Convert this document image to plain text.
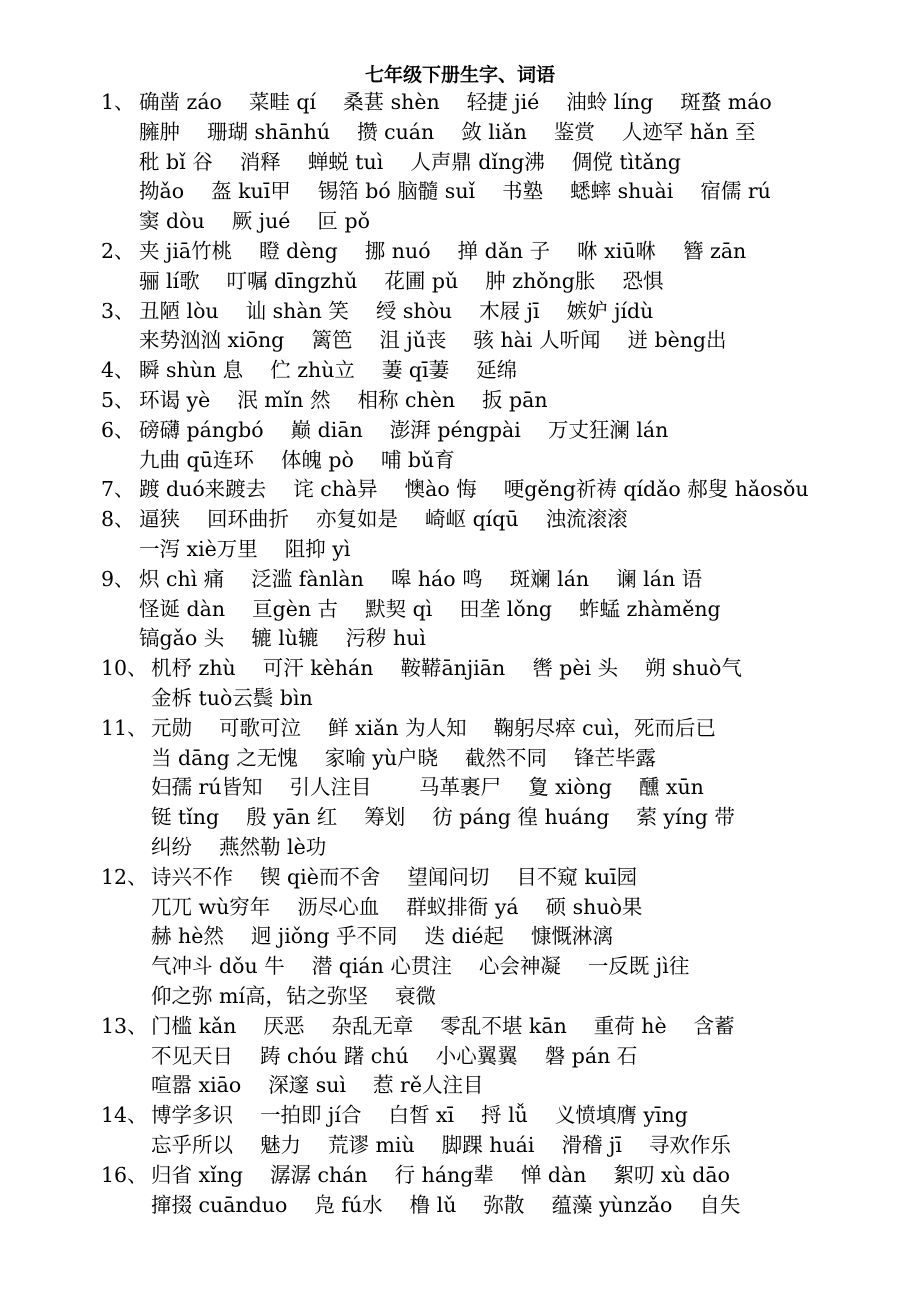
七年级下册生字、词语
1、 确凿 záo　 菜畦 qí　 桑葚 shèn　 轻捷 jié　 油蛉 líng　 斑蝥 máo
臃肿　 珊瑚 shānhú　 攒 cuán　 敛 liǎn　 鉴赏　 人迹罕 hǎn 至
秕 bǐ 谷　 消释　 蝉蜕 tuì　 人声鼎 dǐng沸　 倜傥 tìtǎng
拗ǎo　 盔 kuī甲　 锡箔 bó 脑髓 suǐ　 书塾　 蟋蟀 shuài　 宿儒 rú
窦 dòu　 厥 jué　 叵 pǒ
2、 夹 jiā竹桃　 瞪 dèng　 挪 nuó　 掸 dǎn 子　 咻 xiū咻　 簪 zān
骊 lí歌　 叮嘱 dīngzhǔ　 花圃 pǔ　 肿 zhǒng胀　 恐惧
3、 丑陋 lòu　 讪 shàn 笑　 绶 shòu　 木屐 jī　 嫉妒 jídù
来势汹汹 xiōng　 篱笆　 沮 jǔ丧　 骇 hài 人听闻　 迸 bèng出
4、 瞬 shùn 息　 伫 zhù立　 萋 qī萋　 延绵
5、 环谒 yè　 泯 mǐn 然　 相称 chèn　 扳 pān
6、 磅礴 pángbó　 巅 diān　 澎湃 péngpài　 万丈狂澜 lán
九曲 qū连环　 体魄 pò　 哺 bǔ育
7、 踱 duó来踱去　 诧 chà异　 懊ào 悔　 哽gěng祈祷 qídǎo 郝叟 hǎosǒu
8、 逼狭　 回环曲折　 亦复如是　 崎岖 qíqū　 浊流滚滚
一泻 xiè万里　 阻抑 yì
9、 炽 chì 痛　 泛滥 fànlàn　 嗥 háo 鸣　 斑斓 lán　 谰 lán 语
怪诞 dàn　 亘gèn 古　 默契 qì　 田垄 lǒng　 蚱蜢 zhàměng
镐gǎo 头　 辘 lù辘　 污秽 huì
10、 机杼 zhù　 可汗 kèhán　 鞍鞯ānjiān　 辔 pèi 头　 朔 shuò气
金柝 tuò云鬓 bìn
11、 元勋　 可歌可泣　 鲜 xiǎn 为人知　 鞠躬尽瘁 cuì，死而后已
当 dāng 之无愧　 家喻 yù户晓　 截然不同　 锋芒毕露
妇孺 rú皆知　 引人注目　　 马革裹尸　 夐 xiòng　 醺 xūn
铤 tǐng　 殷 yān 红　 筹划　 彷 páng 徨 huáng　 萦 yíng 带
纠纷　 燕然勒 lè功
12、 诗兴不作　 锲 qiè而不舍　 望闻问切　 目不窥 kuī园
兀兀 wù穷年　 沥尽心血　 群蚁排衙 yá　 硕 shuò果
赫 hè然　 迥 jiǒng 乎不同　 迭 dié起　 慷慨淋漓
气冲斗 dǒu 牛　 潜 qián 心贯注　 心会神凝　 一反既 jì往
仰之弥 mí高，钻之弥坚　 衰微
13、 门槛 kǎn　 厌恶　 杂乱无章　 零乱不堪 kān　 重荷 hè　 含蓄
不见天日　 踌 chóu 躇 chú　 小心翼翼　 磐 pán 石
喧嚣 xiāo　 深邃 suì　 惹 rě人注目
14、 博学多识　 一拍即 jí合　 白皙 xī　 捋 lǚ　 义愤填膺 yīng
忘乎所以　 魅力　 荒谬 miù　 脚踝 huái　 滑稽 jī　 寻欢作乐
16、 归省 xǐng　 潺潺 chán　 行 háng辈　 惮 dàn　 絮叨 xù dāo
撺掇 cuānduo　 凫 fú水　 橹 lǔ　 弥散　 蕴藻 yùnzǎo　 自失
